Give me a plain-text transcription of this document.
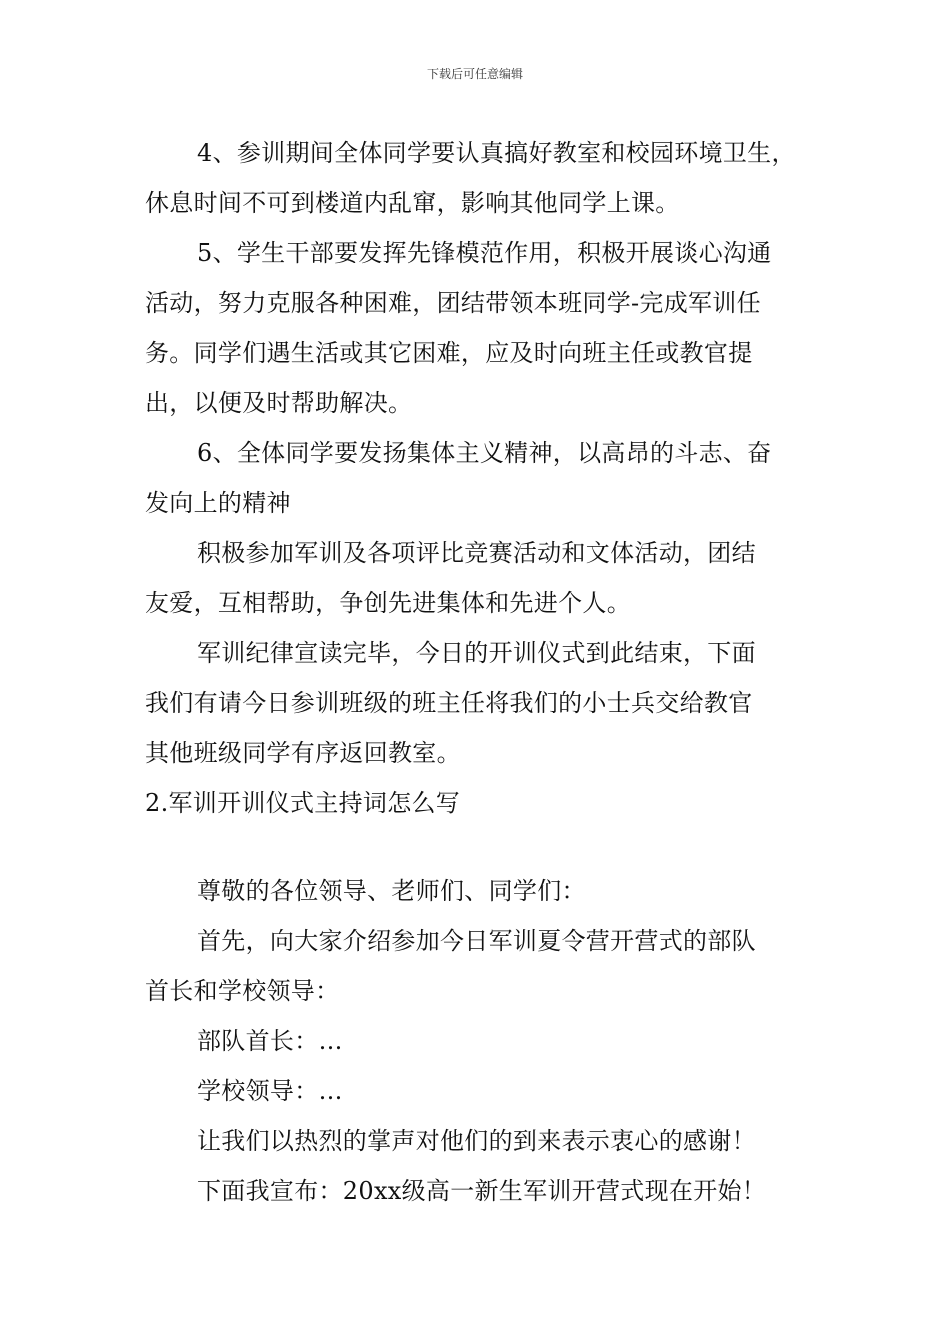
下载后可任意编辑
4、参训期间全体同学要认真搞好教室和校园环境卫生，
休息时间不可到楼道内乱窜，影响其他同学上课。
5、学生干部要发挥先锋模范作用，积极开展谈心沟通
活动，努力克服各种困难，团结带领本班同学-完成军训任
务。同学们遇生活或其它困难，应及时向班主任或教官提
出，以便及时帮助解决。
6、全体同学要发扬集体主义精神，以高昂的斗志、奋
发向上的精神
积极参加军训及各项评比竞赛活动和文体活动，团结
友爱，互相帮助，争创先进集体和先进个人。
军训纪律宣读完毕，今日的开训仪式到此结束，下面
我们有请今日参训班级的班主任将我们的小士兵交给教官
其他班级同学有序返回教室。
2.军训开训仪式主持词怎么写
尊敬的各位领导、老师们、同学们：
首先，向大家介绍参加今日军训夏令营开营式的部队
首长和学校领导：
部队首长：…
学校领导：…
让我们以热烈的掌声对他们的到来表示衷心的感谢！
下面我宣布：20xx级高一新生军训开营式现在开始！
